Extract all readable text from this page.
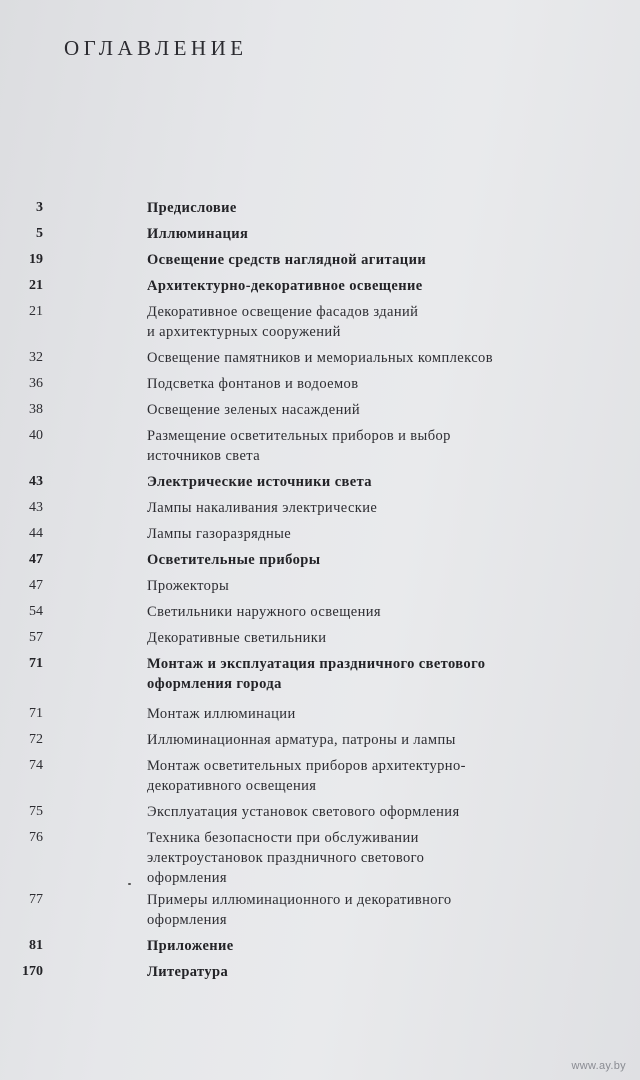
ОГЛАВЛЕНИЕ
3	Предисловие
5	Иллюминация
19	Освещение средств наглядной агитации
21	Архитектурно-декоративное освещение
21	Декоративное освещение фасадов зданий
и архитектурных сооружений
32	Освещение памятников и мемориальных комплексов
36	Подсветка фонтанов и водоемов
38	Освещение зеленых насаждений
40	Размещение осветительных приборов и выбор
источников света
43	Электрические источники света
43	Лампы накаливания электрические
44	Лампы газоразрядные
47	Осветительные приборы
47	Прожекторы
54	Светильники наружного освещения
57	Декоративные светильники
71	Монтаж и эксплуатация праздничного светового
оформления города
71	Монтаж иллюминации
72	Иллюминационная арматура, патроны и лампы
74	Монтаж осветительных приборов архитектурно-
декоративного освещения
75	Эксплуатация установок светового оформления
76	Техника безопасности при обслуживании
электроустановок праздничного светового
оформления
77	Примеры иллюминационного и декоративного
оформления
81	Приложение
170	Литература
www.ay.by
